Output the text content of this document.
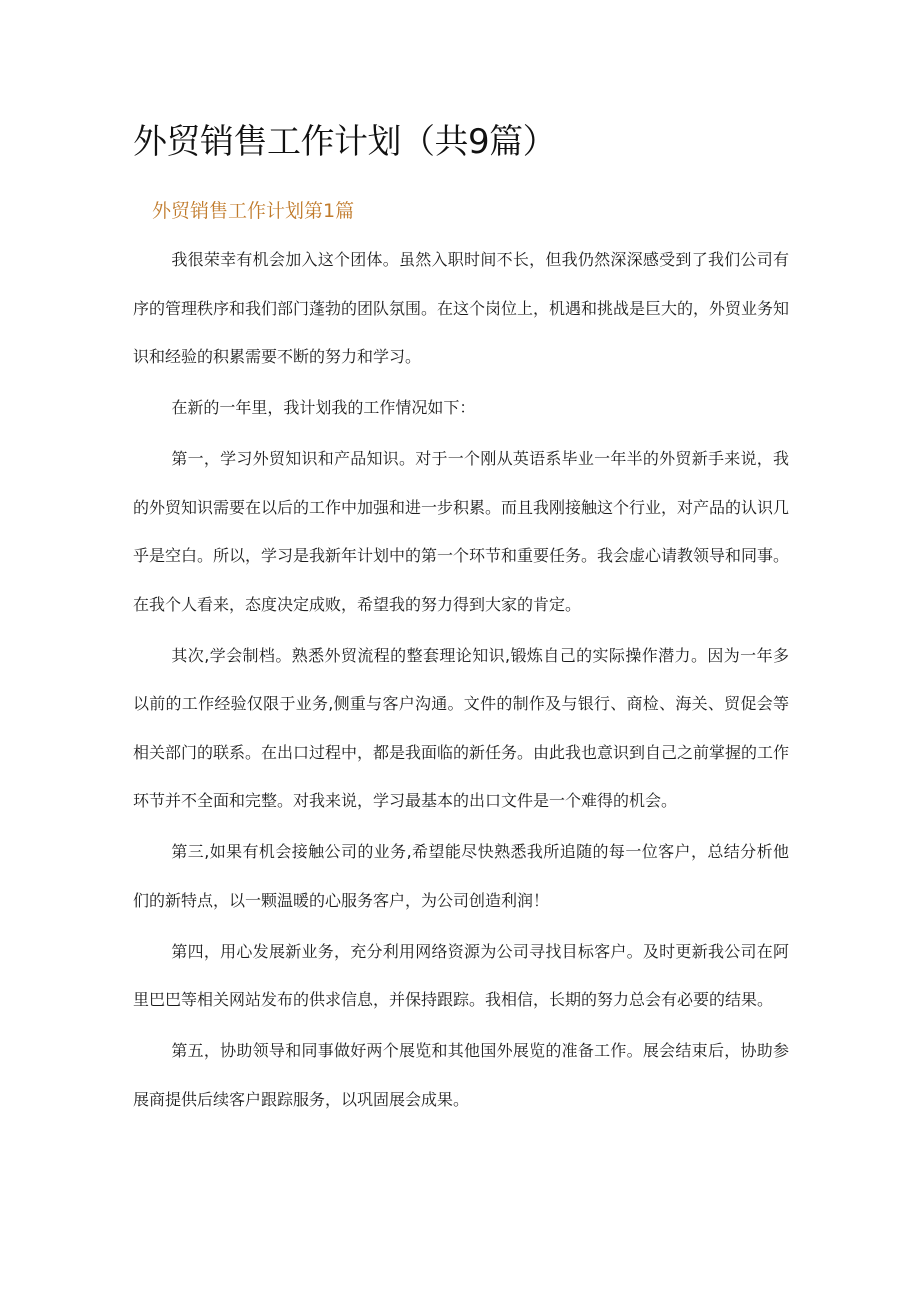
外贸销售工作计划（共9篇）
外贸销售工作计划第1篇

我很荣幸有机会加入这个团体。虽然入职时间不长，但我仍然深深感受到了我们公司有序的管理秩序和我们部门蓬勃的团队氛围。在这个岗位上，机遇和挑战是巨大的，外贸业务知识和经验的积累需要不断的努力和学习。

在新的一年里，我计划我的工作情况如下：

第一，学习外贸知识和产品知识。对于一个刚从英语系毕业一年半的外贸新手来说，我的外贸知识需要在以后的工作中加强和进一步积累。而且我刚接触这个行业，对产品的认识几乎是空白。所以，学习是我新年计划中的第一个环节和重要任务。我会虚心请教领导和同事。在我个人看来，态度决定成败，希望我的努力得到大家的肯定。

其次,学会制档。熟悉外贸流程的整套理论知识,锻炼自己的实际操作潜力。因为一年多以前的工作经验仅限于业务,侧重与客户沟通。文件的制作及与银行、商检、海关、贸促会等相关部门的联系。在出口过程中，都是我面临的新任务。由此我也意识到自己之前掌握的工作环节并不全面和完整。对我来说，学习最基本的出口文件是一个难得的机会。

第三,如果有机会接触公司的业务,希望能尽快熟悉我所追随的每一位客户，总结分析他们的新特点，以一颗温暖的心服务客户，为公司创造利润！

第四，用心发展新业务，充分利用网络资源为公司寻找目标客户。及时更新我公司在阿里巴巴等相关网站发布的供求信息，并保持跟踪。我相信，长期的努力总会有必要的结果。

第五，协助领导和同事做好两个展览和其他国外展览的准备工作。展会结束后，协助参展商提供后续客户跟踪服务，以巩固展会成果。
